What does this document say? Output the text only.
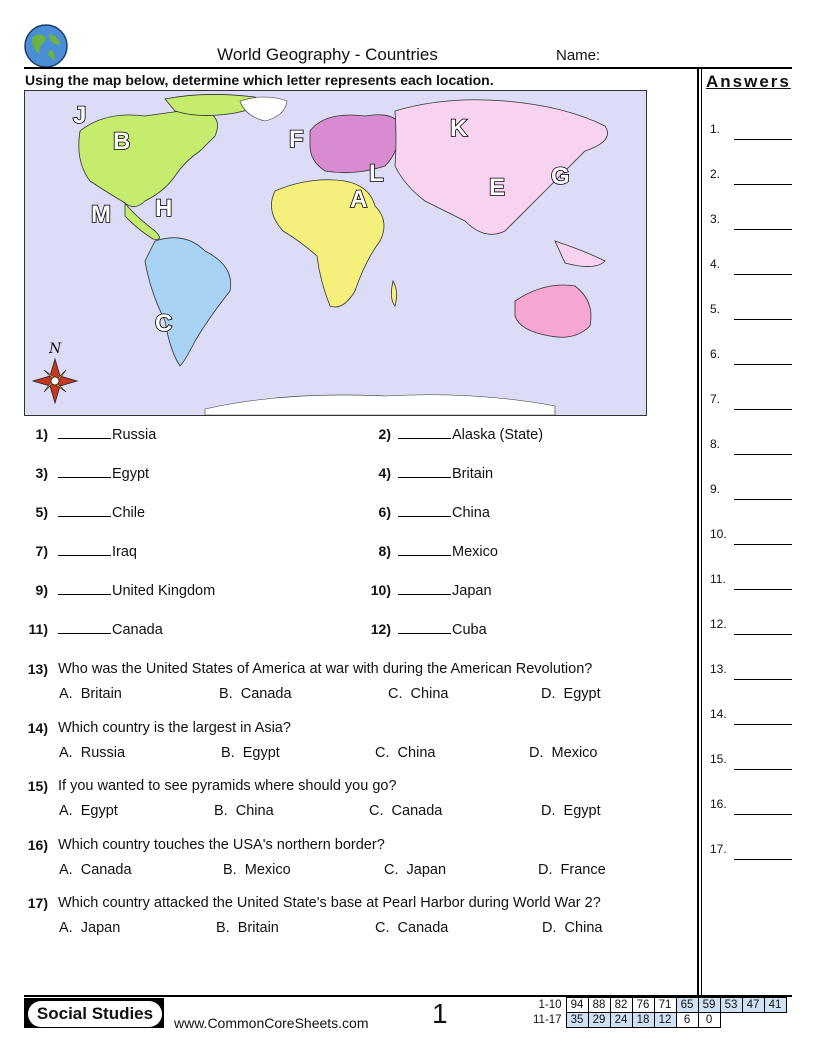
World Geography - Countries	Name:
Using the map below, determine which letter represents each location.	Answers
1.
2.
3.
4.
5.
6.
7.
8.
9.
10.
11.
12.
13.
14.
15.
16.
17.
N
J
B	F	K
L	G
E
A
M H
C
1)	Russia	2)	Alaska (State)
3)	Egypt	4)	Britain
5)	Chile	6)	China
7)	Iraq	8)	Mexico
9)	United Kingdom	10)	Japan
11)	Canada	12)	Cuba
13) Who was the United States of America at war with during the American Revolution?
A.  Britain	B.  Canada	C.  China	D.  Egypt
14) Which country is the largest in Asia?
A.  Russia	B.  Egypt	C.  China	D.  Mexico
15) If you wanted to see pyramids where should you go?
A.  Egypt	B.  China	C.  Canada	D.  Egypt
16) Which country touches the USA's northern border?
A.  Canada	B.  Mexico	C.  Japan	D.  France
17) Which country attacked the United State's base at Pearl Harbor during World War 2?
A.  Japan	B.  Britain	C.  Canada	D.  China
Social Studies	www.CommonCoreSheets.com 1	1-10	94	88	82	76	71	65	59	53	47	41
11-17	35	29	24	18	12	6	0			
